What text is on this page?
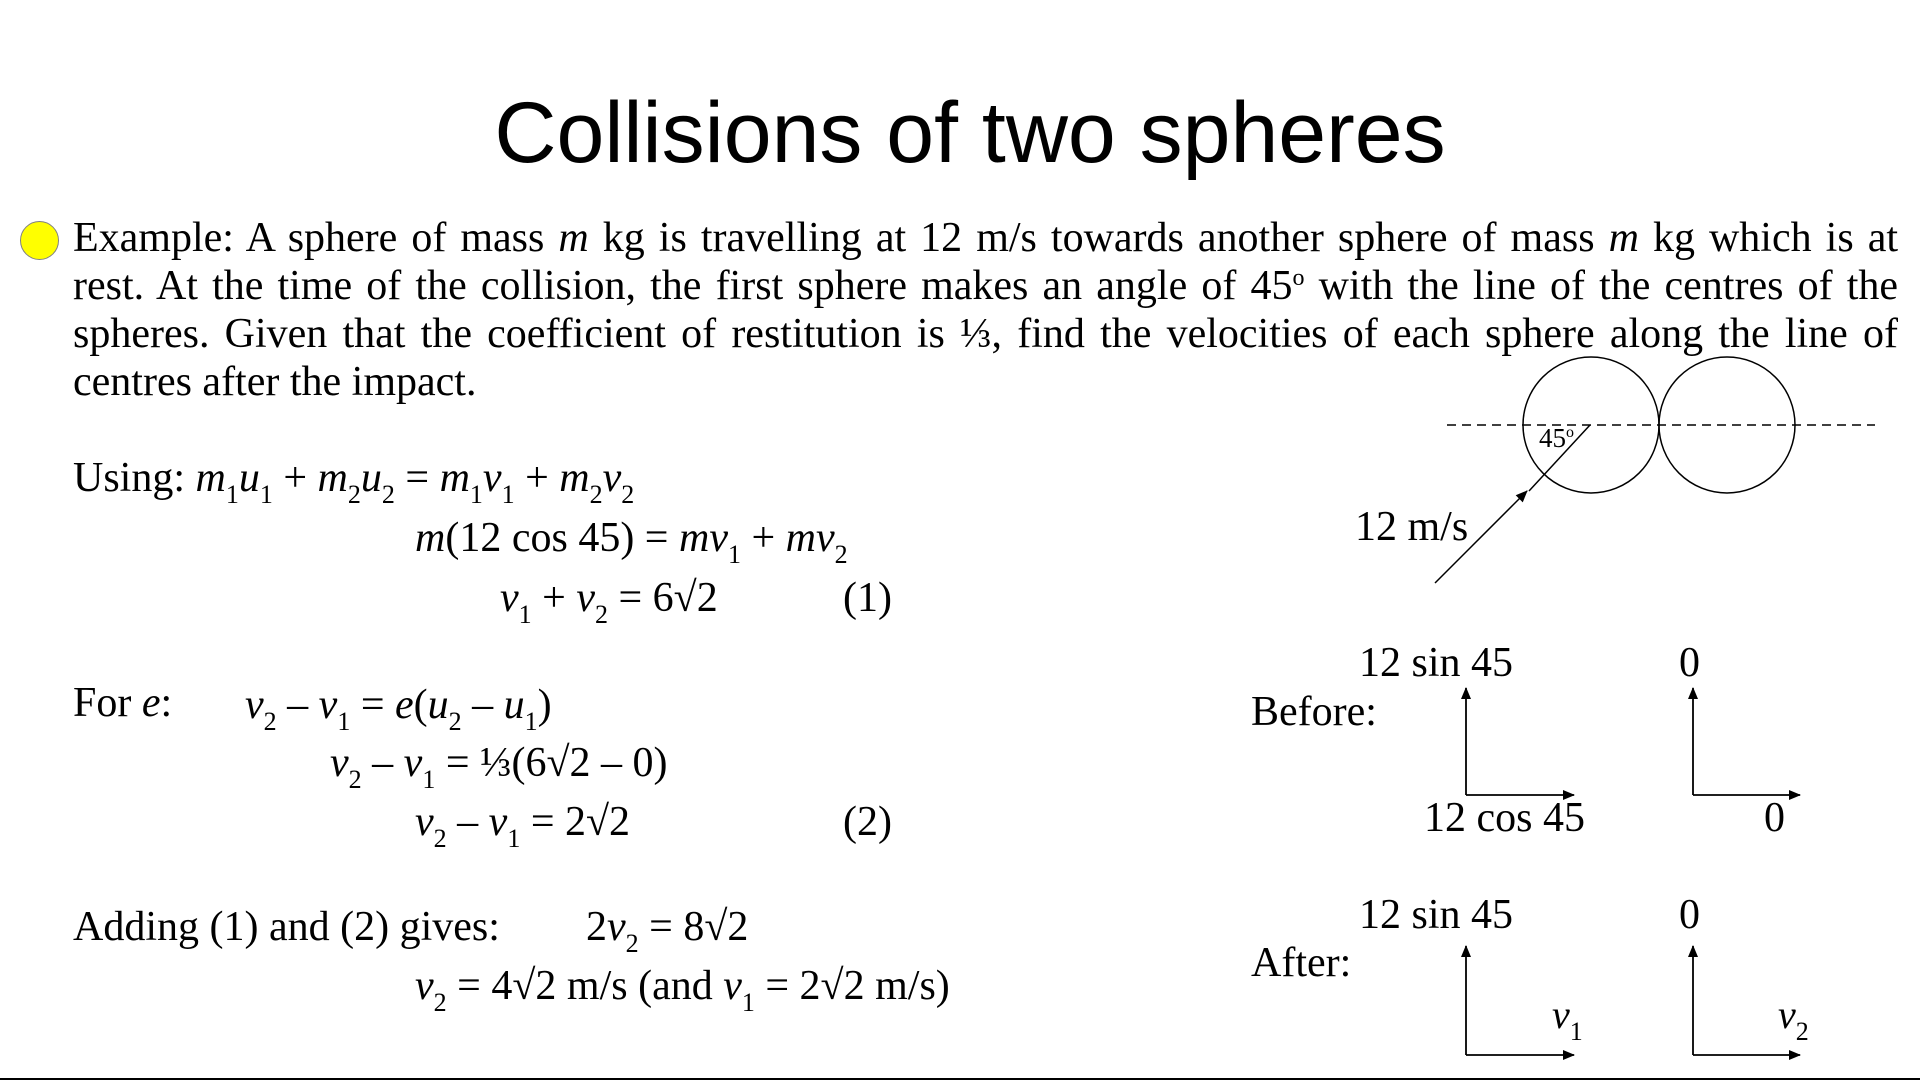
Collisions of two spheres
Example: A sphere of mass m kg is travelling at 12 m/s towards another sphere of mass m kg which is at rest. At the time of the collision, the first sphere makes an angle of 45$^o$ with the line of the centres of the spheres. Given that the coefficient of restitution is ⅓, find the velocities of each sphere along the line of centres after the impact.
Using: $m_1u_1 + m_2u_2 = m_1v_1 + m_2v_2$
m(12 $\cos 45) = mv_1 + mv_2$
$v_1 + v_2 = 6√2$	(1)
For e: $v_2 - v_1 = e(u_2 - u_1)$
$v_2 - v_1$ = ⅓(6√2 – 0)
$v_2 - v_1 = 2√2$	(2)
Adding (1) and (2) gives: $2v_2 = 8√2$
$v_2 = 4√2$ m/s (and $v_1 = 2√2$ m/s)
45$^o$
12 m/s
Before:
12 sin 45
12 cos 45
0
0
After:
12 sin 45	0
$v_1$	$v_2$
